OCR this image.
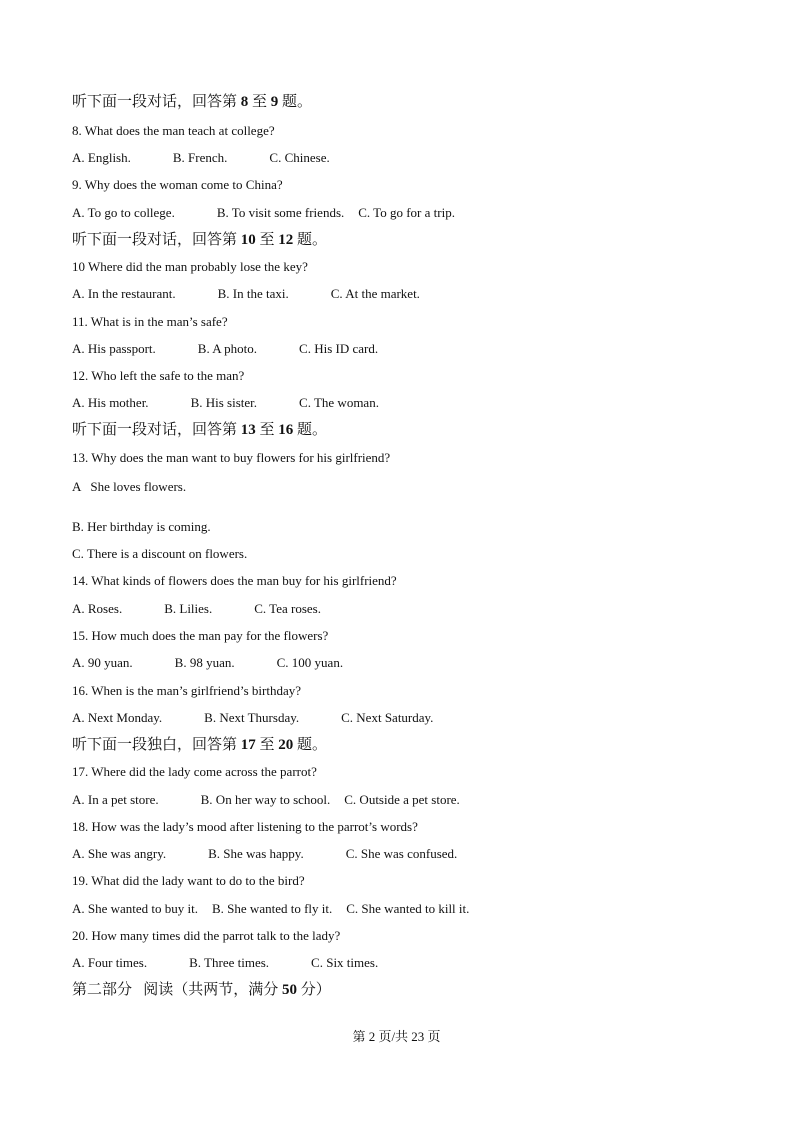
听下面一段对话，回答第 8 至 9 题。
8. What does the man teach at college?
A. English.	B. French.	C. Chinese.
9. Why does the woman come to China?
A. To go to college.	B. To visit some friends. C. To go for a trip.
听下面一段对话，回答第 10 至 12 题。
10 Where did the man probably lose the key?
A. In the restaurant.	B. In the taxi.	C. At the market.
11. What is in the man’s safe?
A. His passport.	B. A photo.	C. His ID card.
12. Who left the safe to the man?
A. His mother.	B. His sister.	C. The woman.
听下面一段对话，回答第 13 至 16 题。
13. Why does the man want to buy flowers for his girlfriend?
A   She loves flowers.
B. Her birthday is coming.
C. There is a discount on flowers.
14. What kinds of flowers does the man buy for his girlfriend?
A. Roses.	B. Lilies.	C. Tea roses.
15. How much does the man pay for the flowers?
A. 90 yuan.	B. 98 yuan.	C. 100 yuan.
16. When is the man’s girlfriend’s birthday?
A. Next Monday.	B. Next Thursday.	C. Next Saturday.
听下面一段独白，回答第 17 至 20 题。
17. Where did the lady come across the parrot?
A. In a pet store.	B. On her way to school. C. Outside a pet store.
18. How was the lady’s mood after listening to the parrot’s words?
A. She was angry.	B. She was happy.	C. She was confused.
19. What did the lady want to do to the bird?
A. She wanted to buy it. B. She wanted to fly it. C. She wanted to kill it.
20. How many times did the parrot talk to the lady?
A. Four times.	B. Three times.	C. Six times.
第二部分   阅读（共两节，满分 50 分）
第 2 页/共 23 页
